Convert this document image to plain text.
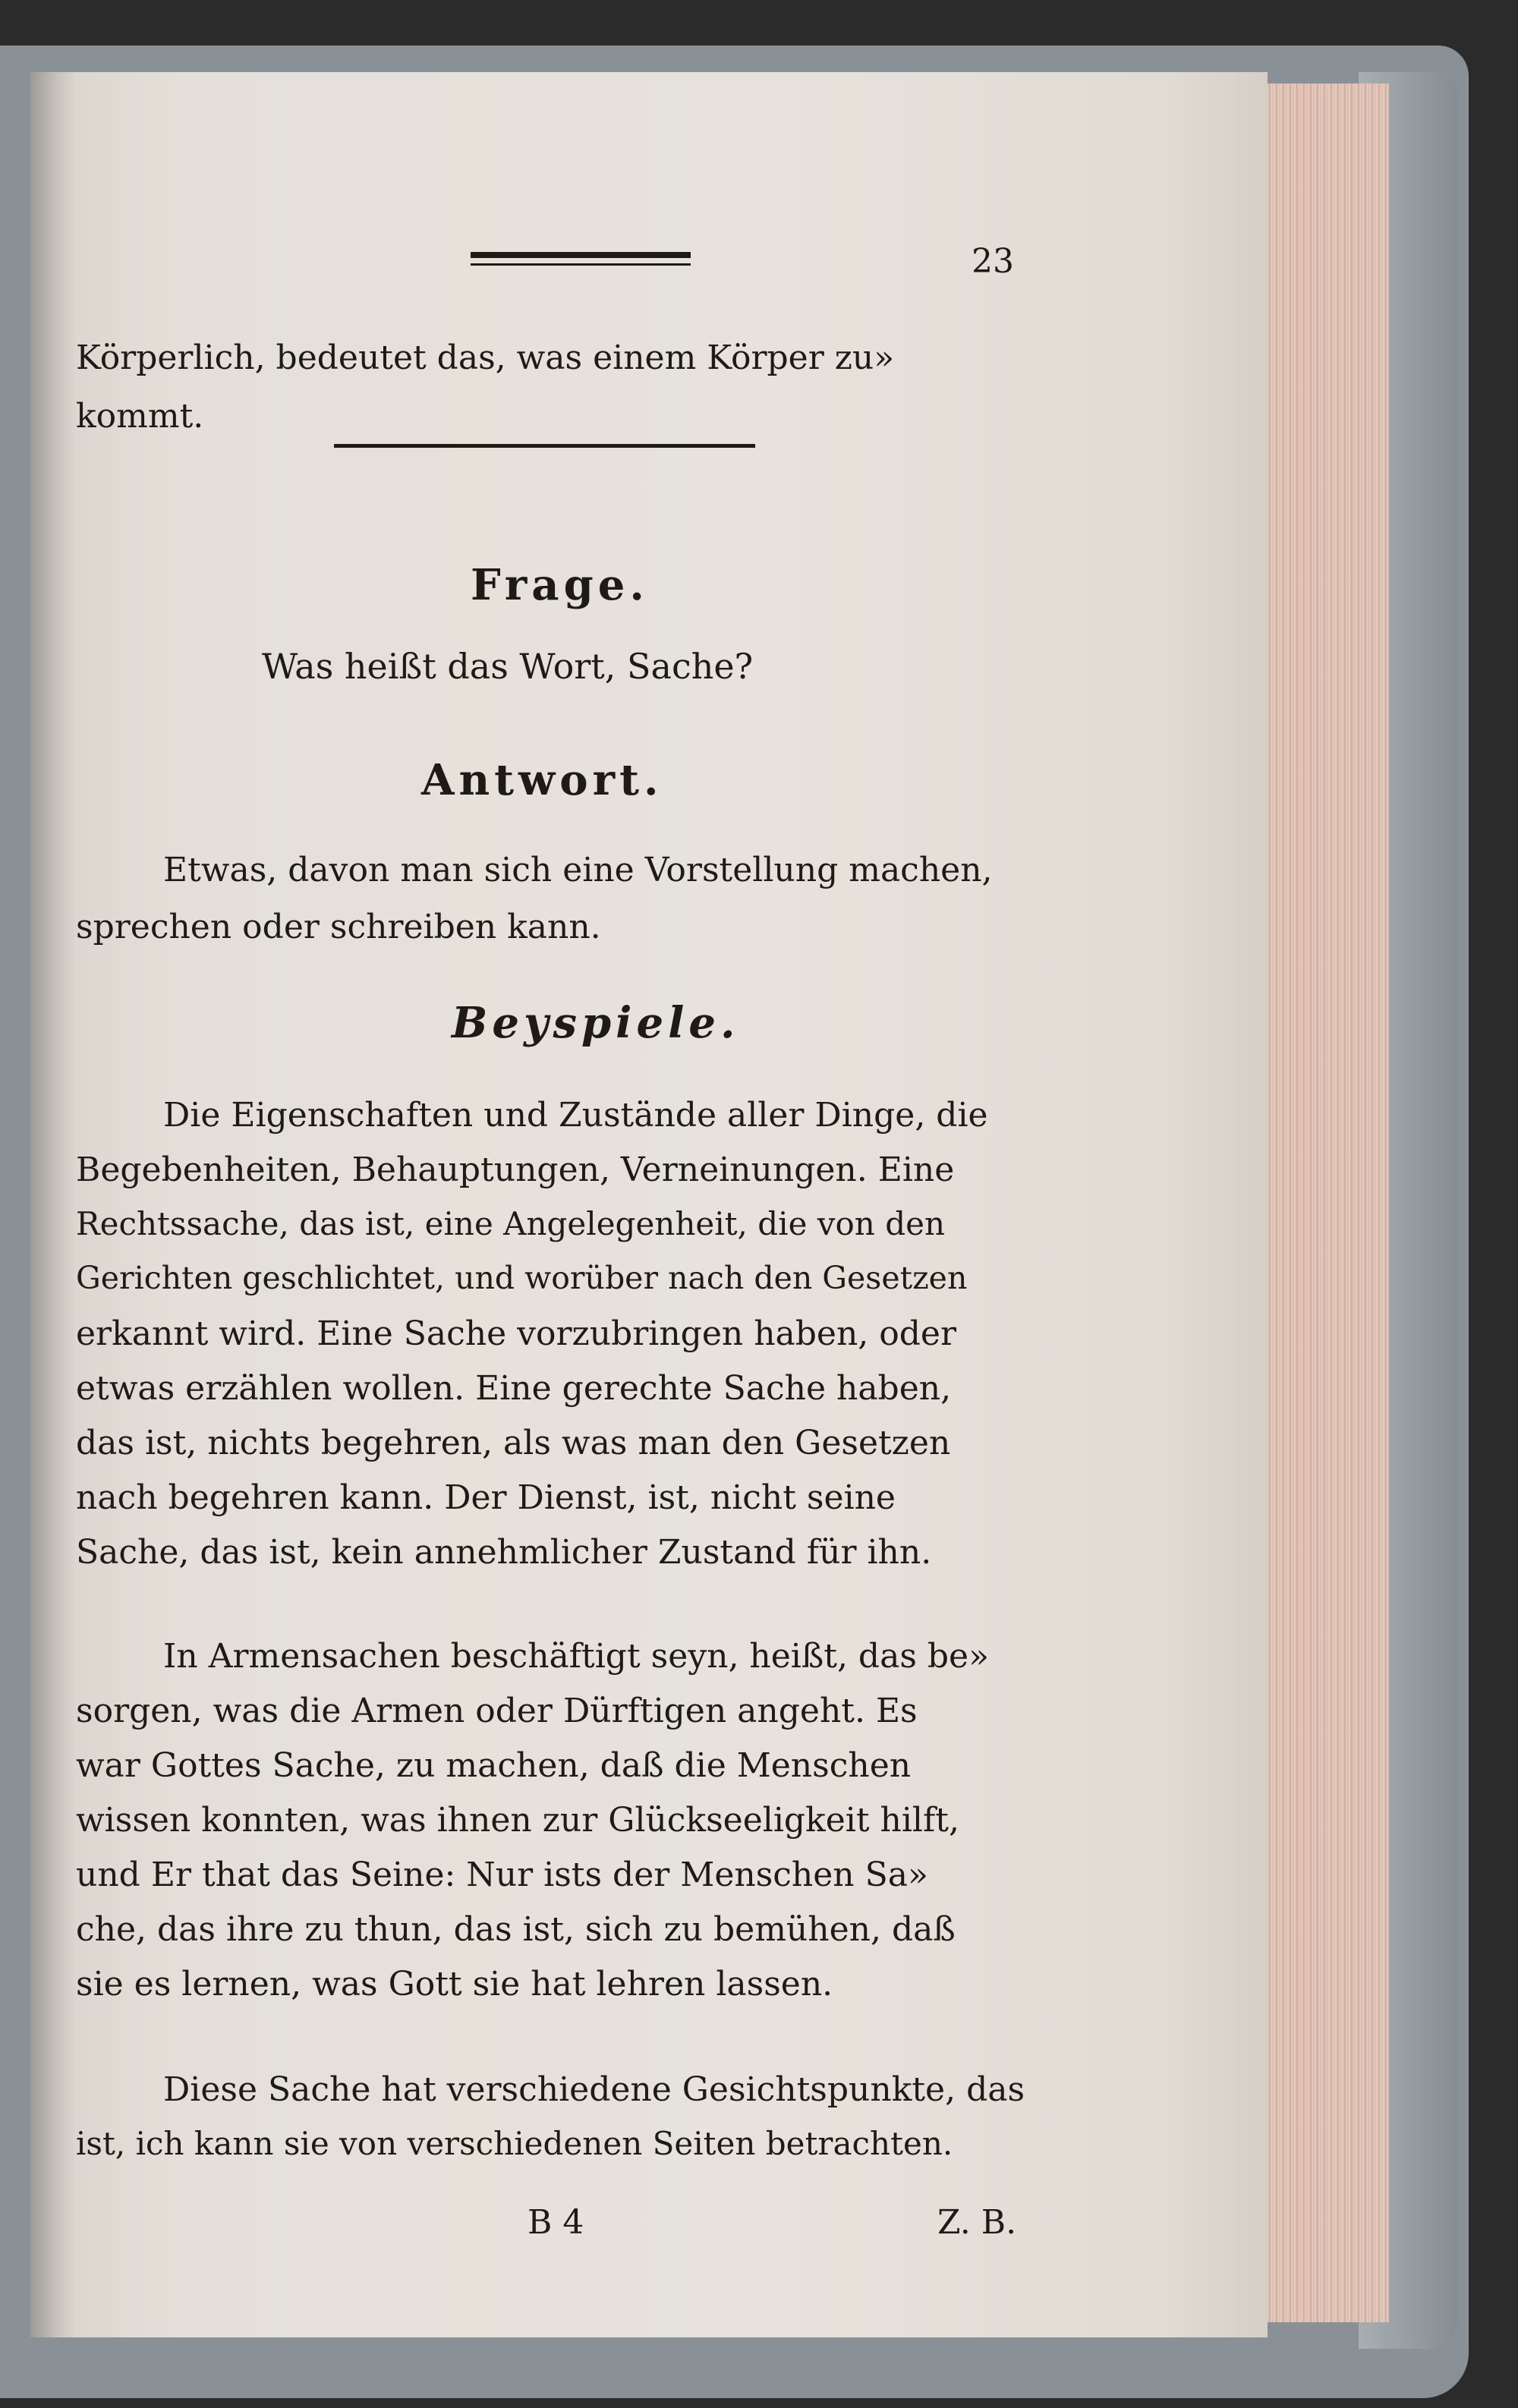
23
Körperlich, bedeutet das, was einem Körper zu»
kommt.
Frage.
Was heißt das Wort, Sache?
Antwort.
Etwas, davon man sich eine Vorstellung machen,
sprechen oder schreiben kann.
Beyspiele.
Die Eigenschaften und Zustände aller Dinge, die
Begebenheiten, Behauptungen, Verneinungen. Eine
Rechtssache, das ist, eine Angelegenheit, die von den
Gerichten geschlichtet, und worüber nach den Gesetzen
erkannt wird. Eine Sache vorzubringen haben, oder
etwas erzählen wollen. Eine gerechte Sache haben,
das ist, nichts begehren, als was man den Gesetzen
nach begehren kann. Der Dienst, ist, nicht seine
Sache, das ist, kein annehmlicher Zustand für ihn.
In Armensachen beschäftigt seyn, heißt, das be»
sorgen, was die Armen oder Dürftigen angeht. Es
war Gottes Sache, zu machen, daß die Menschen
wissen konnten, was ihnen zur Glückseeligkeit hilft,
und Er that das Seine: Nur ists der Menschen Sa»
che, das ihre zu thun, das ist, sich zu bemühen, daß
sie es lernen, was Gott sie hat lehren lassen.
Diese Sache hat verschiedene Gesichtspunkte, das
ist, ich kann sie von verschiedenen Seiten betrachten.
B 4	Z. B.
